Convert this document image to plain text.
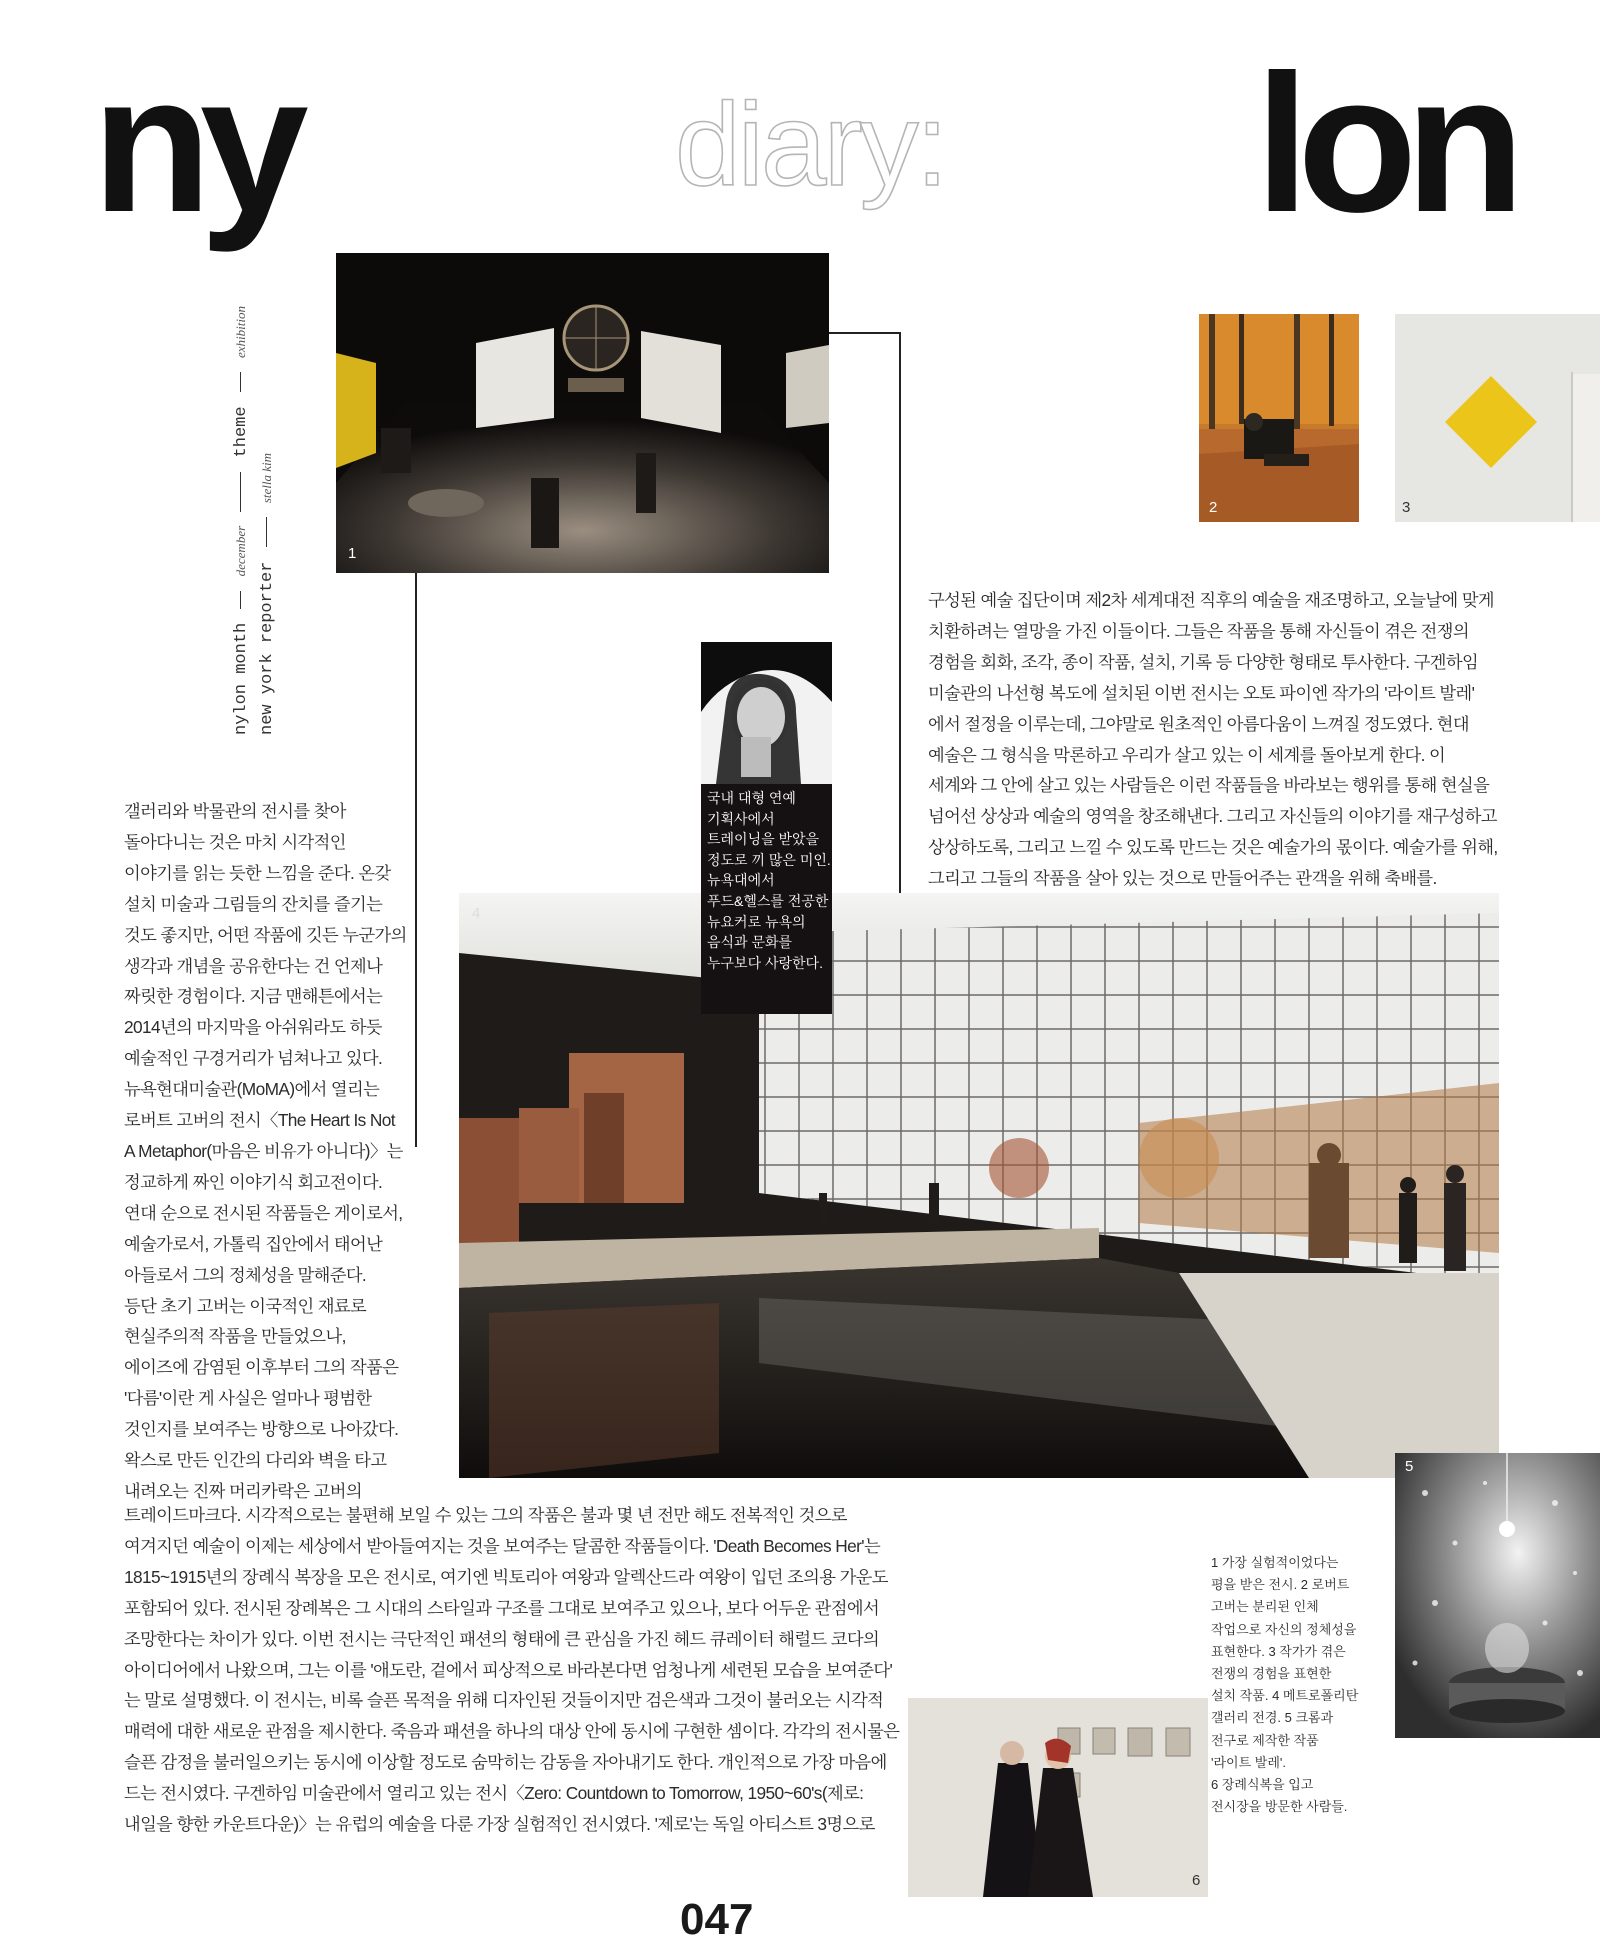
ny	diary: lon
nylon month  december  theme  exhibition
new york reporter  stella kim
1
2	3

구성된 예술 집단이며 제2차 세계대전 직후의 예술을 재조명하고, 오늘날에 맞게

치환하려는 열망을 가진 이들이다. 그들은 작품을 통해 자신들이 겪은 전쟁의

경험을 회화, 조각, 종이 작품, 설치, 기록 등 다양한 형태로 투사한다. 구겐하임

미술관의 나선형 복도에 설치된 이번 전시는 오토 파이엔 작가의 '라이트 발레'

에서 절정을 이루는데, 그야말로 원초적인 아름다움이 느껴질 정도였다. 현대

예술은 그 형식을 막론하고 우리가 살고 있는 이 세계를 돌아보게 한다. 이

세계와 그 안에 살고 있는 사람들은 이런 작품들을 바라보는 행위를 통해 현실을

넘어선 상상과 예술의 영역을 창조해낸다. 그리고 자신들의 이야기를 재구성하고

상상하도록, 그리고 느낄 수 있도록 만드는 것은 예술가의 몫이다. 예술가를 위해,

그리고 그들의 작품을 살아 있는 것으로 만들어주는 관객을 위해 축배를.

갤러리와 박물관의 전시를 찾아

돌아다니는 것은 마치 시각적인

이야기를 읽는 듯한 느낌을 준다. 온갖

설치 미술과 그림들의 잔치를 즐기는

것도 좋지만, 어떤 작품에 깃든 누군가의

생각과 개념을 공유한다는 건 언제나

짜릿한 경험이다. 지금 맨해튼에서는

2014년의 마지막을 아쉬워라도 하듯

예술적인 구경거리가 넘쳐나고 있다.

뉴욕현대미술관(MoMA)에서 열리는

로버트 고버의 전시〈The Heart Is Not

A Metaphor(마음은 비유가 아니다)〉는

정교하게 짜인 이야기식 회고전이다.

연대 순으로 전시된 작품들은 게이로서,

예술가로서, 가톨릭 집안에서 태어난

아들로서 그의 정체성을 말해준다.

등단 초기 고버는 이국적인 재료로

현실주의적 작품을 만들었으나,

에이즈에 감염된 이후부터 그의 작품은

'다름'이란 게 사실은 얼마나 평범한

것인지를 보여주는 방향으로 나아갔다.

왁스로 만든 인간의 다리와 벽을 타고

내려오는 진짜 머리카락은 고버의

4

국내 대형 연예

기획사에서

트레이닝을 받았을

정도로 끼 많은 미인.

뉴욕대에서

푸드&헬스를 전공한

뉴요커로 뉴욕의

음식과 문화를

누구보다 사랑한다.

5

1 가장 실험적이었다는

평을 받은 전시. 2 로버트

고버는 분리된 인체

작업으로 자신의 정체성을

표현한다. 3 작가가 겪은

전쟁의 경험을 표현한

설치 작품. 4 메트로폴리탄

갤러리 전경. 5 크롬과

전구로 제작한 작품

'라이트 발레'.

6 장례식복을 입고

전시장을 방문한 사람들.

트레이드마크다. 시각적으로는 불편해 보일 수 있는 그의 작품은 불과 몇 년 전만 해도 전복적인 것으로

여겨지던 예술이 이제는 세상에서 받아들여지는 것을 보여주는 달콤한 작품들이다. 'Death Becomes Her'는

1815~1915년의 장례식 복장을 모은 전시로, 여기엔 빅토리아 여왕과 알렉산드라 여왕이 입던 조의용 가운도

포함되어 있다. 전시된 장례복은 그 시대의 스타일과 구조를 그대로 보여주고 있으나, 보다 어두운 관점에서

조망한다는 차이가 있다. 이번 전시는 극단적인 패션의 형태에 큰 관심을 가진 헤드 큐레이터 해럴드 코다의

아이디어에서 나왔으며, 그는 이를 '애도란, 겉에서 피상적으로 바라본다면 엄청나게 세련된 모습을 보여준다'

는 말로 설명했다. 이 전시는, 비록 슬픈 목적을 위해 디자인된 것들이지만 검은색과 그것이 불러오는 시각적

매력에 대한 새로운 관점을 제시한다. 죽음과 패션을 하나의 대상 안에 동시에 구현한 셈이다. 각각의 전시물은

슬픈 감정을 불러일으키는 동시에 이상할 정도로 숨막히는 감동을 자아내기도 한다. 개인적으로 가장 마음에

드는 전시였다. 구겐하임 미술관에서 열리고 있는 전시〈Zero: Countdown to Tomorrow, 1950~60's(제로:

내일을 향한 카운트다운)〉는 유럽의 예술을 다룬 가장 실험적인 전시였다. '제로'는 독일 아티스트 3명으로

6
047
